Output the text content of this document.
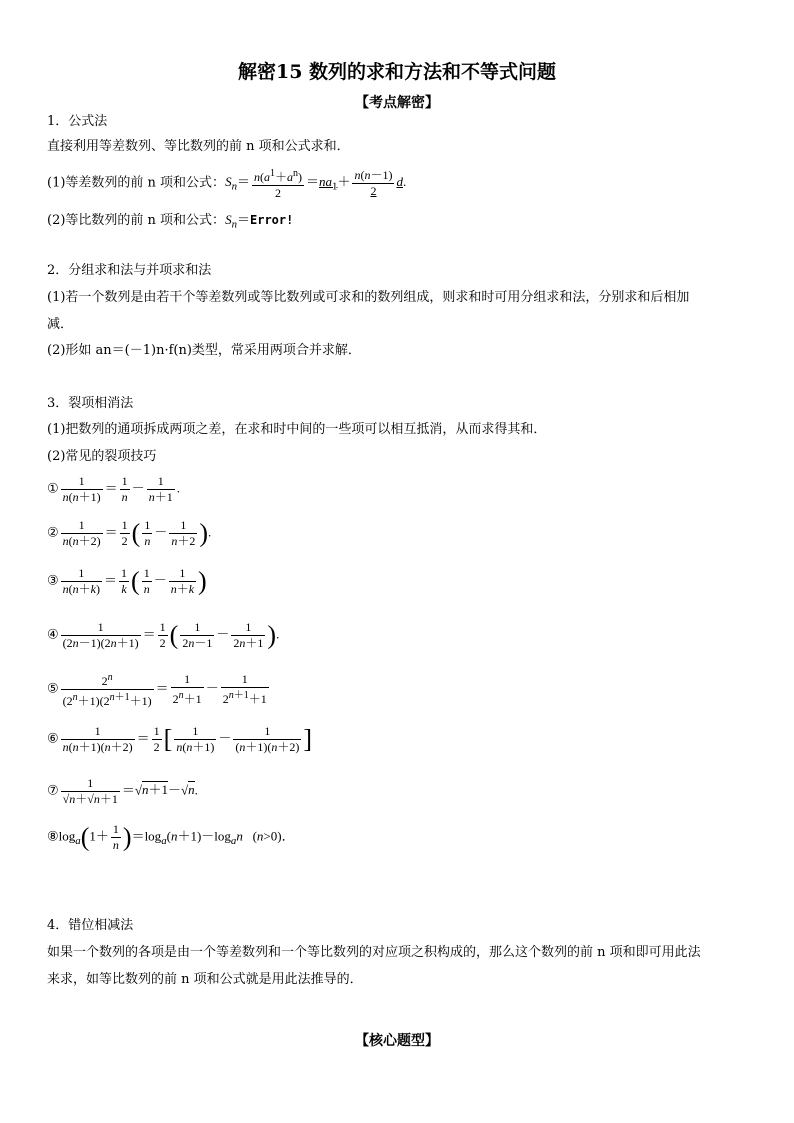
解密15 数列的求和方法和不等式问题
【考点解密】
1．公式法
直接利用等差数列、等比数列的前 n 项和公式求和．
(1)等差数列的前 n 项和公式：$S_n= \frac{n(a^1+a^n)}{2} =na_1+ \frac{n(n-1)}{2} d$.
(2)等比数列的前 n 项和公式：$S_n=Error$!
2．分组求和法与并项求和法
(1)若一个数列是由若干个等差数列或等比数列或可求和的数列组成，则求和时可用分组求和法，分别求和后相加
减．
(2)形如 an＝(－1)n·f(n)类型，常采用两项合并求解．
3．裂项相消法
(1)把数列的通项拆成两项之差，在求和时中间的一些项可以相互抵消，从而求得其和．
(2)常见的裂项技巧
① $\frac{1}{n(n+1)} = \frac{1}{n} - \frac{1}{n+1}$ .
② $\frac{1}{n(n+2)} = \frac{1}{2}$ ( $\frac{1}{n} - \frac{1}{n+2}$ ).
③ $\frac{1}{n(n+k)} = \frac{1}{k}$ ( $\frac{1}{n} - \frac{1}{n+k}$ )
④ $\frac{1}{(2n-1)(2n+1)} = \frac{1}{2}$ ( $\frac{1}{2n-1} - \frac{1}{2n+1}$ ).
⑤ $\frac{2^n}{(2^n+1)(2^{n+1}+1)} = \frac{1}{2^n+1} - \frac{1}{2^{n+1}+1}$
⑥ $\frac{1}{n(n+1)(n+2)} = \frac{1}{2}$ [ $\frac{1}{n(n+1)} - \frac{1}{(n+1)(n+2)}$ ]
⑦ $\frac{1}{√n+√n+1} =√n+1-√n$.
$⑧\log_a(1+ \frac{1}{n} )=\log_a(n+1)-\log_an$   (n>0)．
4．错位相减法
如果一个数列的各项是由一个等差数列和一个等比数列的对应项之积构成的，那么这个数列的前 n 项和即可用此法
来求，如等比数列的前 n 项和公式就是用此法推导的．
【核心题型】
